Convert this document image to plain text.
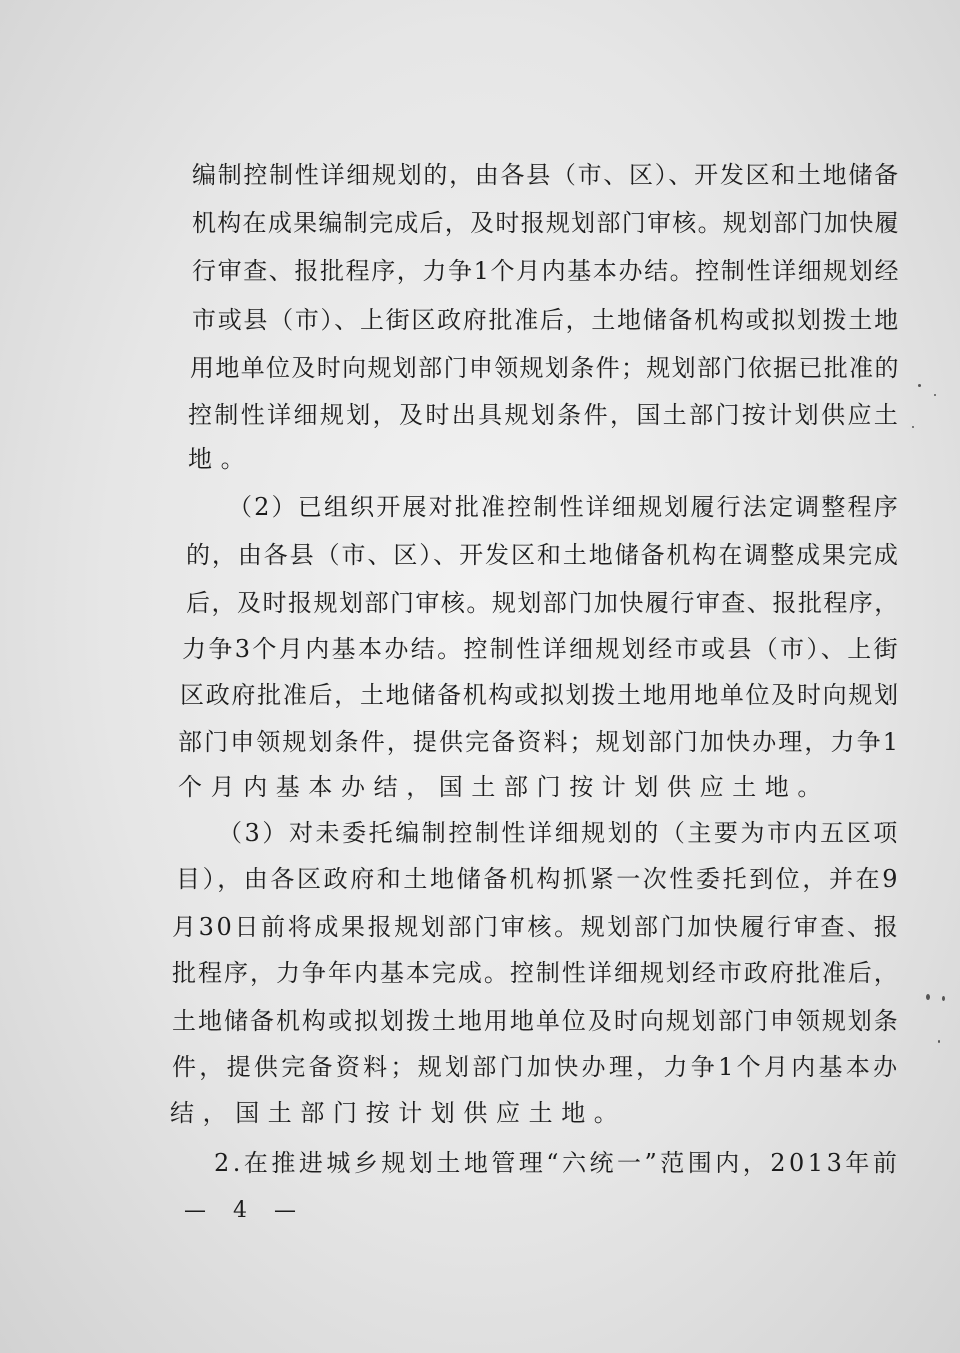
编制控制性详细规划的，由各县（市、区）、开发区和土地储备
机构在成果编制完成后，及时报规划部门审核。规划部门加快履
行审查、报批程序，力争1个月内基本办结。控制性详细规划经
市或县（市）、上街区政府批准后，土地储备机构或拟划拨土地
用地单位及时向规划部门申领规划条件；规划部门依据已批准的
控制性详细规划，及时出具规划条件，国土部门按计划供应土
地。
（2）已组织开展对批准控制性详细规划履行法定调整程序
的，由各县（市、区）、开发区和土地储备机构在调整成果完成
后，及时报规划部门审核。规划部门加快履行审查、报批程序，
力争3个月内基本办结。控制性详细规划经市或县（市）、上街
区政府批准后，土地储备机构或拟划拨土地用地单位及时向规划
部门申领规划条件，提供完备资料；规划部门加快办理，力争1
个月内基本办结，国土部门按计划供应土地。
（3）对未委托编制控制性详细规划的（主要为市内五区项
目），由各区政府和土地储备机构抓紧一次性委托到位，并在9
月30日前将成果报规划部门审核。规划部门加快履行审查、报
批程序，力争年内基本完成。控制性详细规划经市政府批准后，
土地储备机构或拟划拨土地用地单位及时向规划部门申领规划条
件，提供完备资料；规划部门加快办理，力争1个月内基本办
结，国土部门按计划供应土地。
2.在推进城乡规划土地管理“六统一”范围内，2013年前
— 4 —
